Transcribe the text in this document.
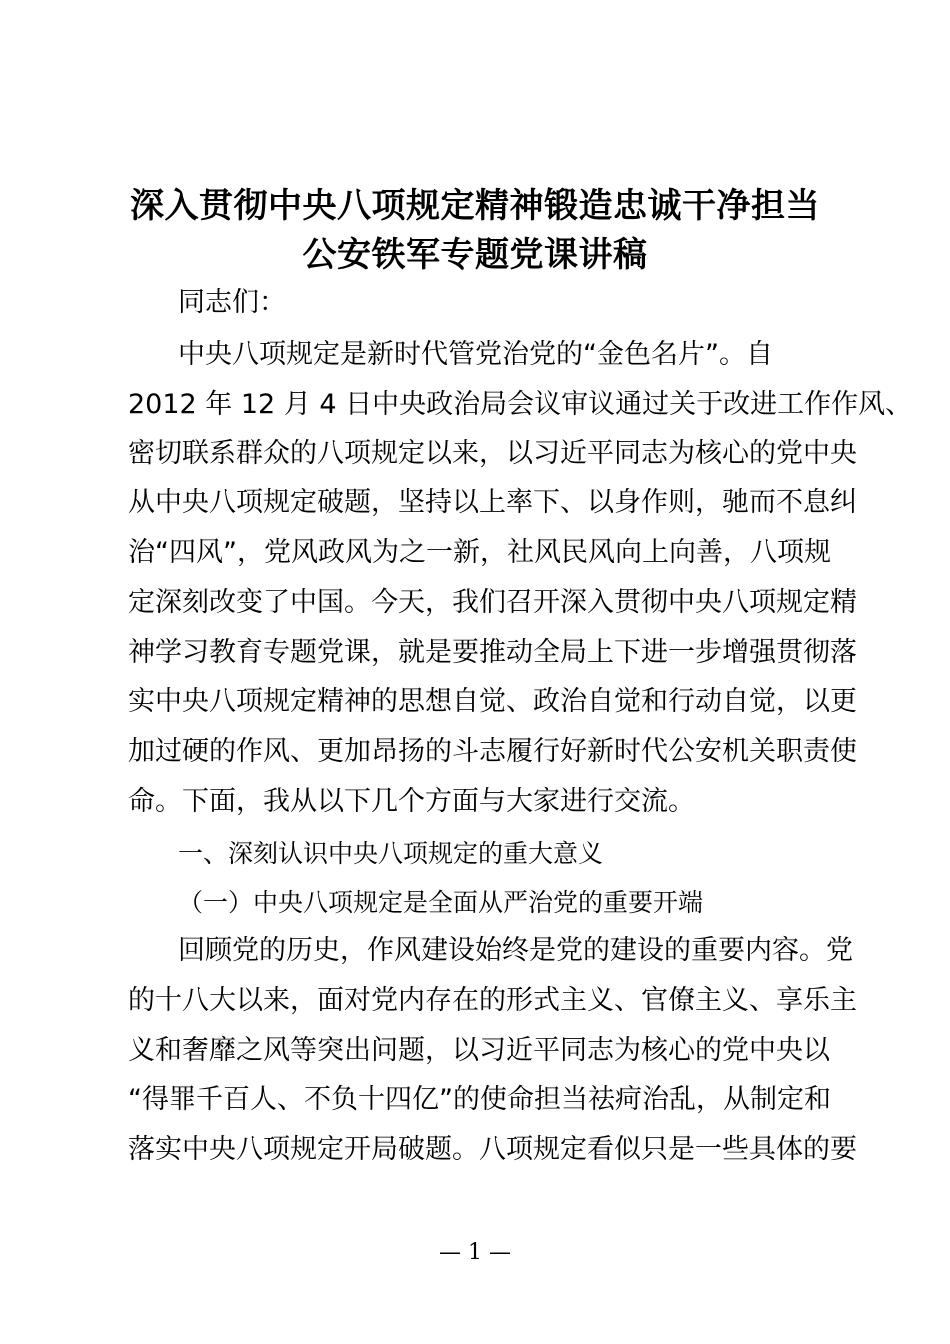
深入贯彻中央八项规定精神锻造忠诚干净担当
公安铁军专题党课讲稿
同志们：
中央八项规定是新时代管党治党的“金色名片”。自
2012 年 12 月 4 日中央政治局会议审议通过关于改进工作作风、
密切联系群众的八项规定以来，以习近平同志为核心的党中央
从中央八项规定破题，坚持以上率下、以身作则，驰而不息纠
治“四风”，党风政风为之一新，社风民风向上向善，八项规
定深刻改变了中国。今天，我们召开深入贯彻中央八项规定精
神学习教育专题党课，就是要推动全局上下进一步增强贯彻落
实中央八项规定精神的思想自觉、政治自觉和行动自觉，以更
加过硬的作风、更加昂扬的斗志履行好新时代公安机关职责使
命。下面，我从以下几个方面与大家进行交流。
一、深刻认识中央八项规定的重大意义
（一）中央八项规定是全面从严治党的重要开端
回顾党的历史，作风建设始终是党的建设的重要内容。党
的十八大以来，面对党内存在的形式主义、官僚主义、享乐主
义和奢靡之风等突出问题，以习近平同志为核心的党中央以
“得罪千百人、不负十四亿”的使命担当祛疴治乱，从制定和
落实中央八项规定开局破题。八项规定看似只是一些具体的要
— 1 —
